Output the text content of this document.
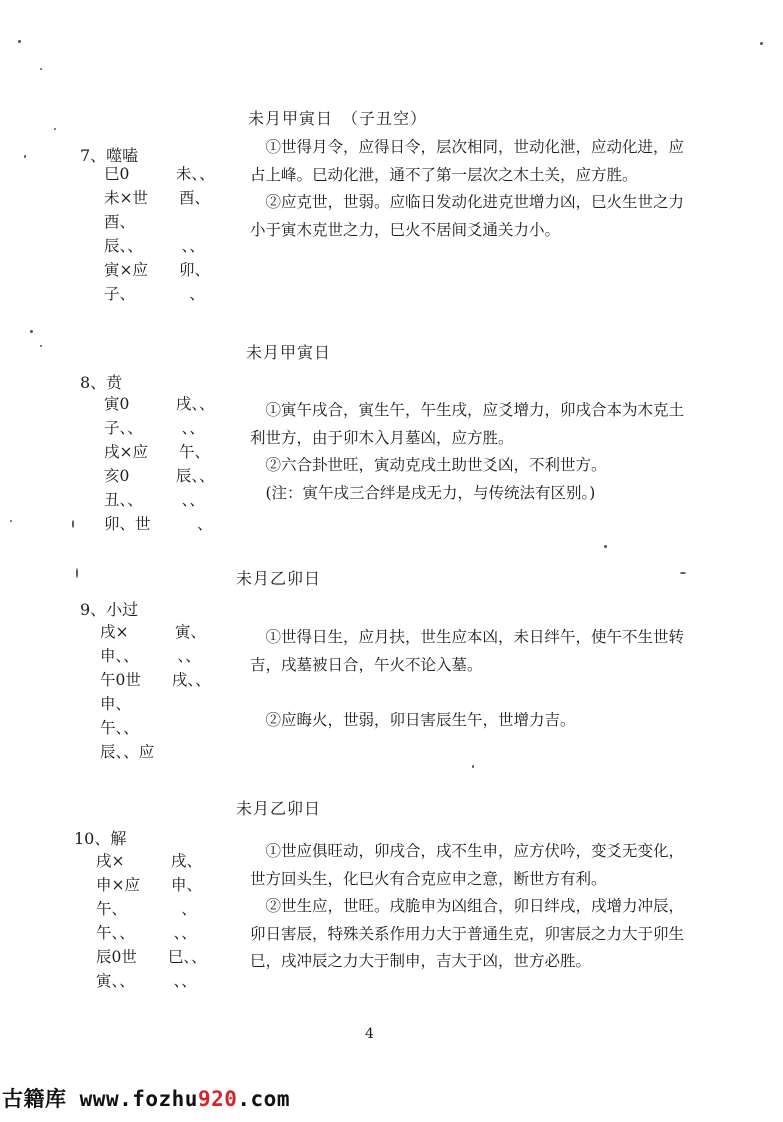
未月甲寅日　（子丑空）
7、噬嗑
巳0　　　未、、
未×世　　酉、
酉、
辰、、　　　、、
寅×应　　卯、
子、　　　　、

　①世得月令，应得日令，层次相同，世动化泄，应动化进，应占上峰。巳动化泄，通不了第一层次之木土关，应方胜。

　②应克世，世弱。应临日发动化进克世增力凶，巳火生世之力小于寅木克世之力，巳火不居间爻通关力小。

未月甲寅日
8、贲
寅0　　　戌、、
子、、　　　、、
戌×应　　午、
亥0　　　辰、、
丑、、　　　、、
卯、世　　　、

　①寅午戌合，寅生午，午生戌，应爻增力，卯戌合本为木克土利世方，由于卯木入月墓凶，应方胜。

　②六合卦世旺，寅动克戌土助世爻凶，不利世方。

　(注：寅午戌三合绊是戌无力，与传统法有区别。)

未月乙卯日
9、小过
戌×　　　寅、
申、、　　　、、
午0世　　戌、、
申、
午、、
辰、、应

　①世得日生，应月扶，世生应本凶，未日绊午，使午不生世转吉，戌墓被日合，午火不论入墓。

　②应晦火，世弱，卯日害辰生午，世增力吉。

未月乙卯日
10、解
戌×　　　戌、
申×应　　申、
午、　　　　、
午、、　　　、、
辰0世　　巳、、
寅、、　　　、、

　①世应俱旺动，卯戌合，戌不生申，应方伏吟，变爻无变化，世方回头生，化巳火有合克应申之意，断世方有利。

　②世生应，世旺。戌脆申为凶组合，卯日绊戌，戌增力冲辰，卯日害辰，特殊关系作用力大于普通生克，卯害辰之力大于卯生巳，戌冲辰之力大于制申，吉大于凶，世方必胜。

4
古籍库 www.fozhu920.com
